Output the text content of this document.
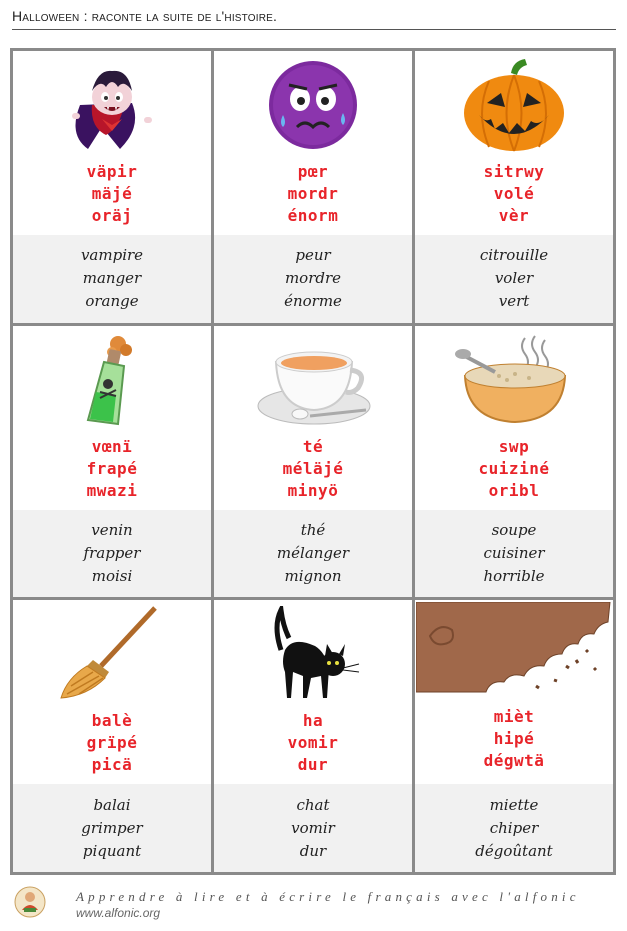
Halloween : raconte la suite de l'histoire.
väpir
mäjé
oräj
vampire
manger
orange
pœr
mordr
énorm
peur
mordre
énorme
sitrwy
volé
vèr
citrouille
voler
vert
vœnï
frapé
mwazi
venin
frapper
moisi
té
méläjé
minyö
thé
mélanger
mignon
swp
cuiziné
oribl
soupe
cuisiner
horrible
balè
grïpé
picä
balai
grimper
piquant
ha
vomir
dur
chat
vomir
dur
mièt
hipé
dégwtä
miette
chiper
dégoûtant
Apprendre à lire et à écrire le français avec l'alfonic
www.alfonic.org
